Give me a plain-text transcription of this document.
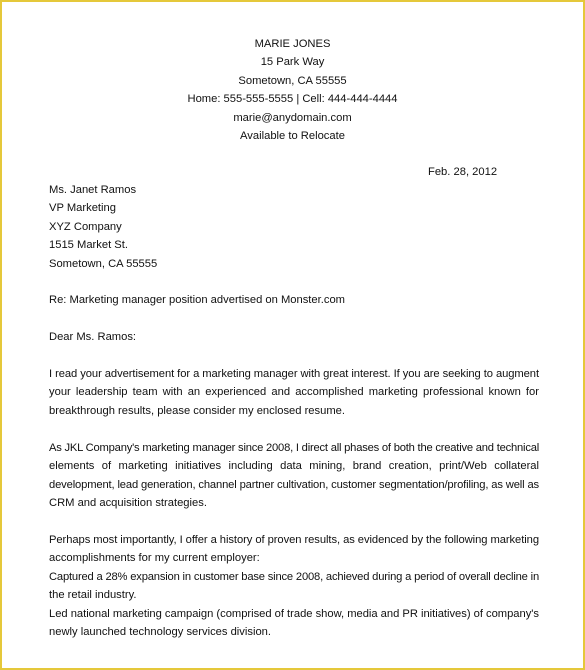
MARIE JONES
15 Park Way
Sometown, CA 55555
Home: 555-555-5555 | Cell: 444-444-4444
marie@anydomain.com
Available to Relocate
Feb. 28, 2012
Ms. Janet Ramos
VP Marketing
XYZ Company
1515 Market St.
Sometown, CA 55555
Re: Marketing manager position advertised on Monster.com
Dear Ms. Ramos:
I read your advertisement for a marketing manager with great interest. If you are seeking to augment
your leadership team with an experienced and accomplished marketing professional known for
breakthrough results, please consider my enclosed resume.
As JKL Company's marketing manager since 2008, I direct all phases of both the creative and technical
elements of marketing initiatives including data mining, brand creation, print/Web collateral
development, lead generation, channel partner cultivation, customer segmentation/profiling, as well as
CRM and acquisition strategies.
Perhaps most importantly, I offer a history of proven results, as evidenced by the following marketing
accomplishments for my current employer:
Captured a 28% expansion in customer base since 2008, achieved during a period of overall decline in
the retail industry.
Led national marketing campaign (comprised of trade show, media and PR initiatives) of company's
newly launched technology services division.
